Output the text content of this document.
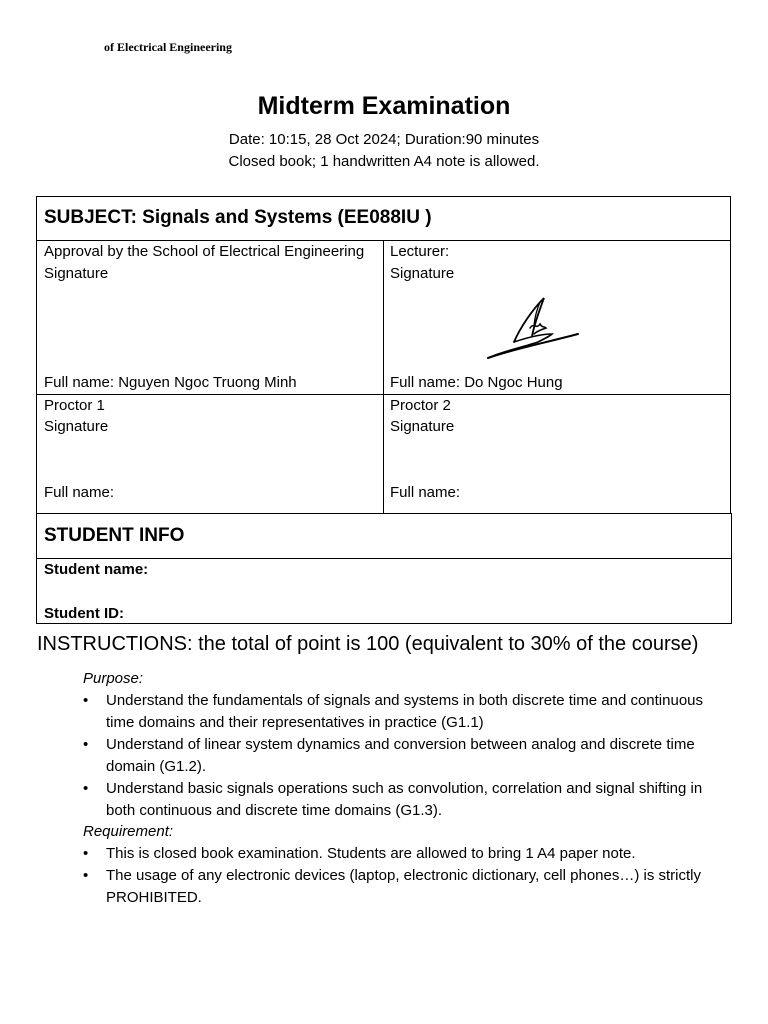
of Electrical Engineering
Midterm Examination
Date: 10:15, 28 Oct 2024; Duration:90 minutes
Closed book; 1 handwritten A4 note is allowed.
SUBJECT: Signals and Systems (EE088IU )
Approval by the School of Electrical Engineering
Signature
Full name: Nguyen Ngoc Truong Minh
Lecturer:
Signature
Full name: Do Ngoc Hung
Proctor 1
Signature
Full name:
Proctor 2
Signature
Full name:
STUDENT INFO
Student name:
Student ID:
INSTRUCTIONS: the total of point is 100 (equivalent to 30% of the course)
Purpose:
• Understand the fundamentals of signals and systems in both discrete time and continuous time domains and their representatives in practice (G1.1)
• Understand of linear system dynamics and conversion between analog and discrete time domain (G1.2).
• Understand basic signals operations such as convolution, correlation and signal shifting in both continuous and discrete time domains (G1.3).
Requirement:
• This is closed book examination. Students are allowed to bring 1 A4 paper note.
• The usage of any electronic devices (laptop, electronic dictionary, cell phones…) is strictly PROHIBITED.
